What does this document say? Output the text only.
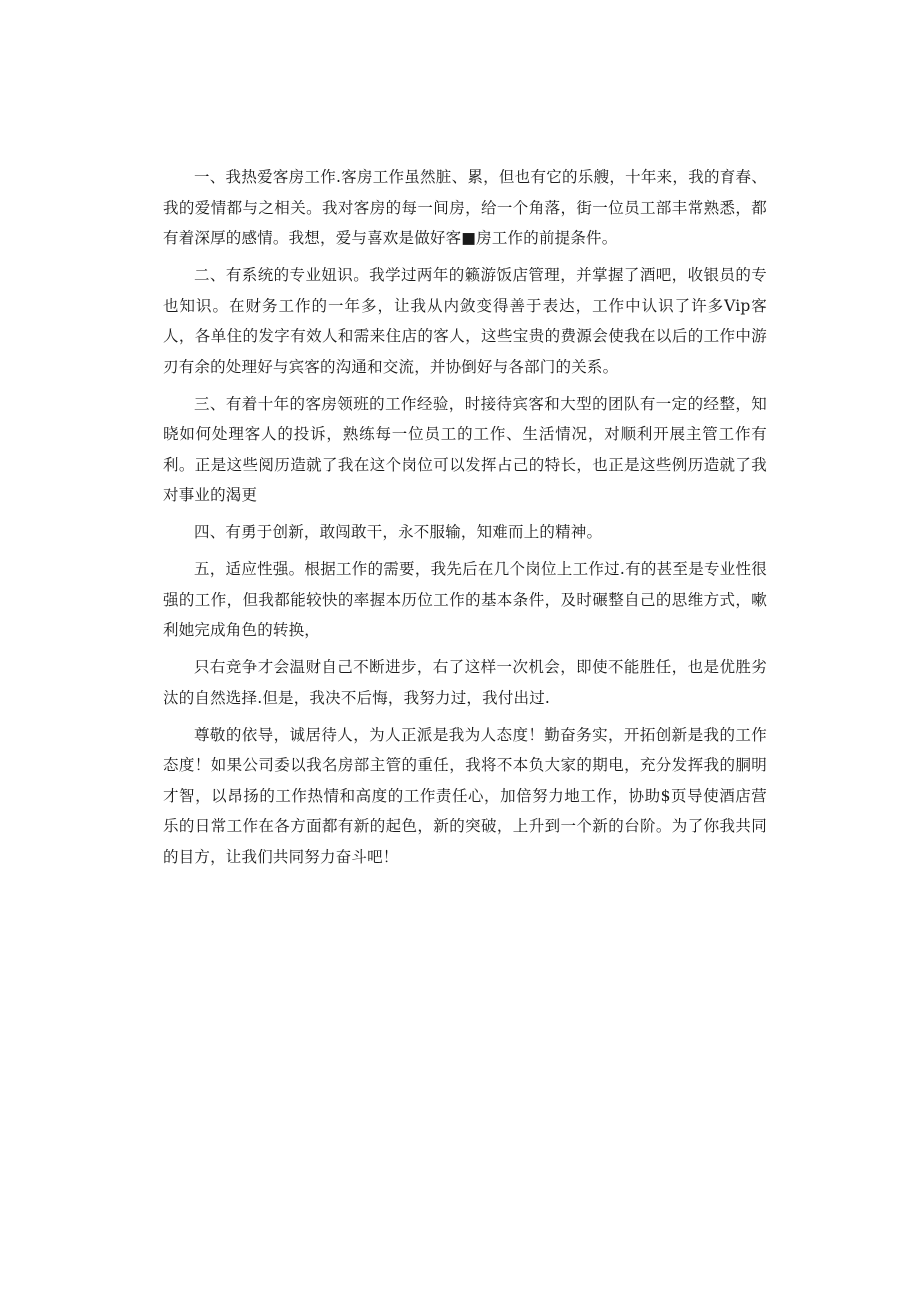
一、我热爱客房工作.客房工作虽然脏、累，但也有它的乐艘，十年来，我的育春、我的爱情都与之相关。我对客房的每一间房，给一个角落，街一位员工部丰常熟悉，都有着深厚的感情。我想，爱与喜欢是做好客■房工作的前提条件。

二、有系统的专业妞识。我学过两年的籁游饭店管理，并掌握了酒吧，收银员的专也知识。在财务工作的一年多，让我从内敛变得善于表达，工作中认识了许多Vip客人，各单住的发字有效人和需来住店的客人，这些宝贵的费源会使我在以后的工作中游刃有余的处理好与宾客的沟通和交流，并协倒好与各部门的关系。

三、有着十年的客房领班的工作经验，时接待宾客和大型的团队有一定的经整，知晓如何处理客人的投诉，熟练每一位员工的工作、生活情况，对顺利开展主管工作有利。正是这些阅历造就了我在这个岗位可以发挥占己的特长，也正是这些例历造就了我对事业的渴更

四、有勇于创新，敢闯敢干，永不服输，知难而上的精神。

五，适应性强。根据工作的需要，我先后在几个岗位上工作过.有的甚至是专业性很强的工作，但我都能较快的率握本历位工作的基本条件，及时碾整自己的思维方式，嗽利她完成角色的转换，

只右竞争才会温财自己不断进步，右了这样一次机会，即使不能胜任，也是优胜劣汰的自然选择.但是，我决不后悔，我努力过，我付出过.

尊敬的依导，诚居待人，为人正派是我为人态度！勤奋务实，开拓创新是我的工作态度！如果公司委以我名房部主管的重任，我将不本负大家的期电，充分发挥我的胴明才智，以昂扬的工作热情和高度的工作责任心，加倍努力地工作，协助$页导使酒店营乐的日常工作在各方面都有新的起色，新的突破，上升到一个新的台阶。为了你我共同的目方，让我们共同努力奋斗吧！
